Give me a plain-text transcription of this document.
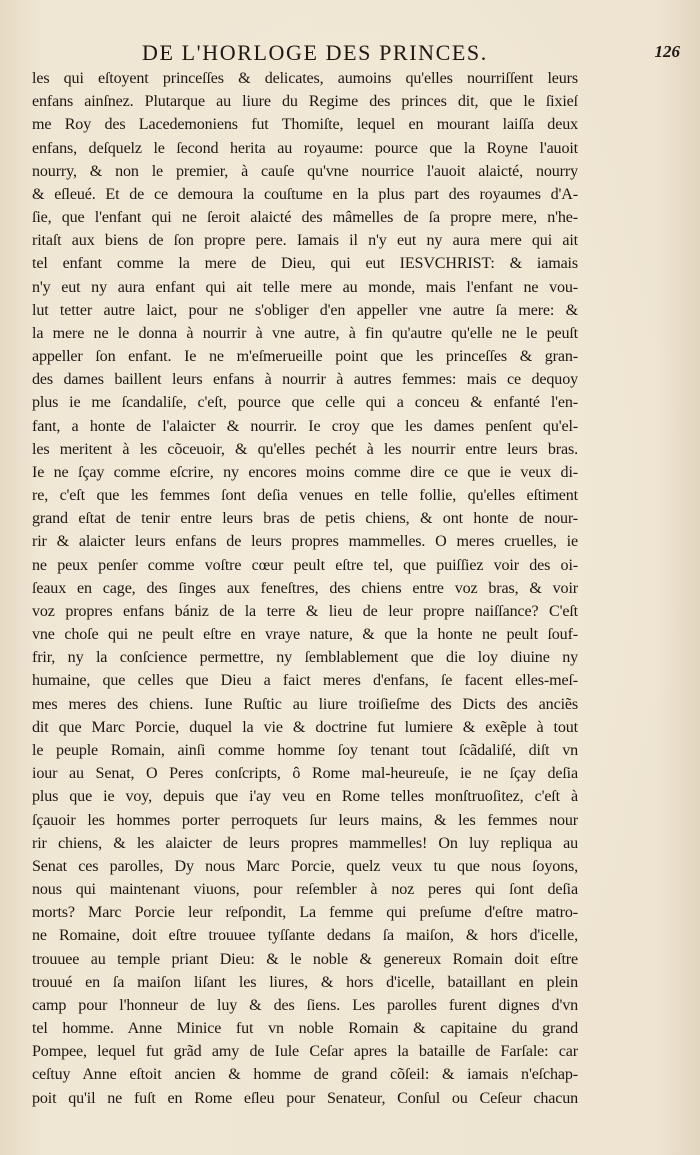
DE L'HORLOGE DES PRINCES.	126
les qui eſtoyent princeſſes & delicates, aumoins qu'elles nourriſſent leurs
enfans ainſnez. Plutarque au liure du Regime des princes dit, que le ſixieſ
me Roy des Lacedemoniens fut Thomiſte, lequel en mourant laiſſa deux
enfans, deſquelz le ſecond herita au royaume: pource que la Royne l'auoit
nourry, & non le premier, à cauſe qu'vne nourrice l'auoit alaicté, nourry
& eſleué. Et de ce demoura la couſtume en la plus part des royaumes d'A-
ſie, que l'enfant qui ne ſeroit alaicté des mâmelles de ſa propre mere, n'he-
ritaſt aux biens de ſon propre pere. Iamais il n'y eut ny aura mere qui ait
tel enfant comme la mere de Dieu, qui eut IESVCHRIST: & iamais
n'y eut ny aura enfant qui ait telle mere au monde, mais l'enfant ne vou-
lut tetter autre laict, pour ne s'obliger d'en appeller vne autre ſa mere: &
la mere ne le donna à nourrir à vne autre, à fin qu'autre qu'elle ne le peuſt
appeller ſon enfant. Ie ne m'eſmerueille point que les princeſſes & gran-
des dames baillent leurs enfans à nourrir à autres femmes: mais ce dequoy
plus ie me ſcandaliſe, c'eſt, pource que celle qui a conceu & enfanté l'en-
fant, a honte de l'alaicter & nourrir. Ie croy que les dames penſent qu'el-
les meritent à les cõceuoir, & qu'elles pechét à les nourrir entre leurs bras.
Ie ne ſçay comme eſcrire, ny encores moins comme dire ce que ie veux di-
re, c'eſt que les femmes ſont deſia venues en telle follie, qu'elles eſtiment
grand eſtat de tenir entre leurs bras de petis chiens, & ont honte de nour-
rir & alaicter leurs enfans de leurs propres mammelles. O meres cruelles, ie
ne peux penſer comme voſtre cœur peult eſtre tel, que puiſſiez voir des oi-
ſeaux en cage, des ſinges aux feneſtres, des chiens entre voz bras, & voir
voz propres enfans bániz de la terre & lieu de leur propre naiſſance? C'eſt
vne choſe qui ne peult eſtre en vraye nature, & que la honte ne peult ſouf-
frir, ny la conſcience permettre, ny ſemblablement que die loy diuine ny
humaine, que celles que Dieu a faict meres d'enfans, ſe facent elles-meſ-
mes meres des chiens. Iune Ruſtic au liure troiſieſme des Dicts des anciẽs
dit que Marc Porcie, duquel la vie & doctrine fut lumiere & exẽple à tout
le peuple Romain, ainſi comme homme ſoy tenant tout ſcãdaliſé, diſt vn
iour au Senat, O Peres conſcripts, ô Rome mal-heureuſe, ie ne ſçay deſia
plus que ie voy, depuis que i'ay veu en Rome telles monſtruoſitez, c'eſt à
ſçauoir les hommes porter perroquets ſur leurs mains, & les femmes nour
rir chiens, & les alaicter de leurs propres mammelles! On luy repliqua au
Senat ces parolles, Dy nous Marc Porcie, quelz veux tu que nous ſoyons,
nous qui maintenant viuons, pour reſembler à noz peres qui ſont deſia
morts? Marc Porcie leur reſpondit, La femme qui preſume d'eſtre matro-
ne Romaine, doit eſtre trouuee tyſſante dedans ſa maiſon, & hors d'icelle,
trouuee au temple priant Dieu: & le noble & genereux Romain doit eſtre
trouué en ſa maiſon liſant les liures, & hors d'icelle, bataillant en plein
camp pour l'honneur de luy & des ſiens. Les parolles furent dignes d'vn
tel homme. Anne Minice fut vn noble Romain & capitaine du grand
Pompee, lequel fut grãd amy de Iule Ceſar apres la bataille de Farſale: car
ceſtuy Anne eſtoit ancien & homme de grand cõſeil: & iamais n'eſchap-
poit qu'il ne fuſt en Rome eſleu pour Senateur, Conſul ou Ceſeur chacun
